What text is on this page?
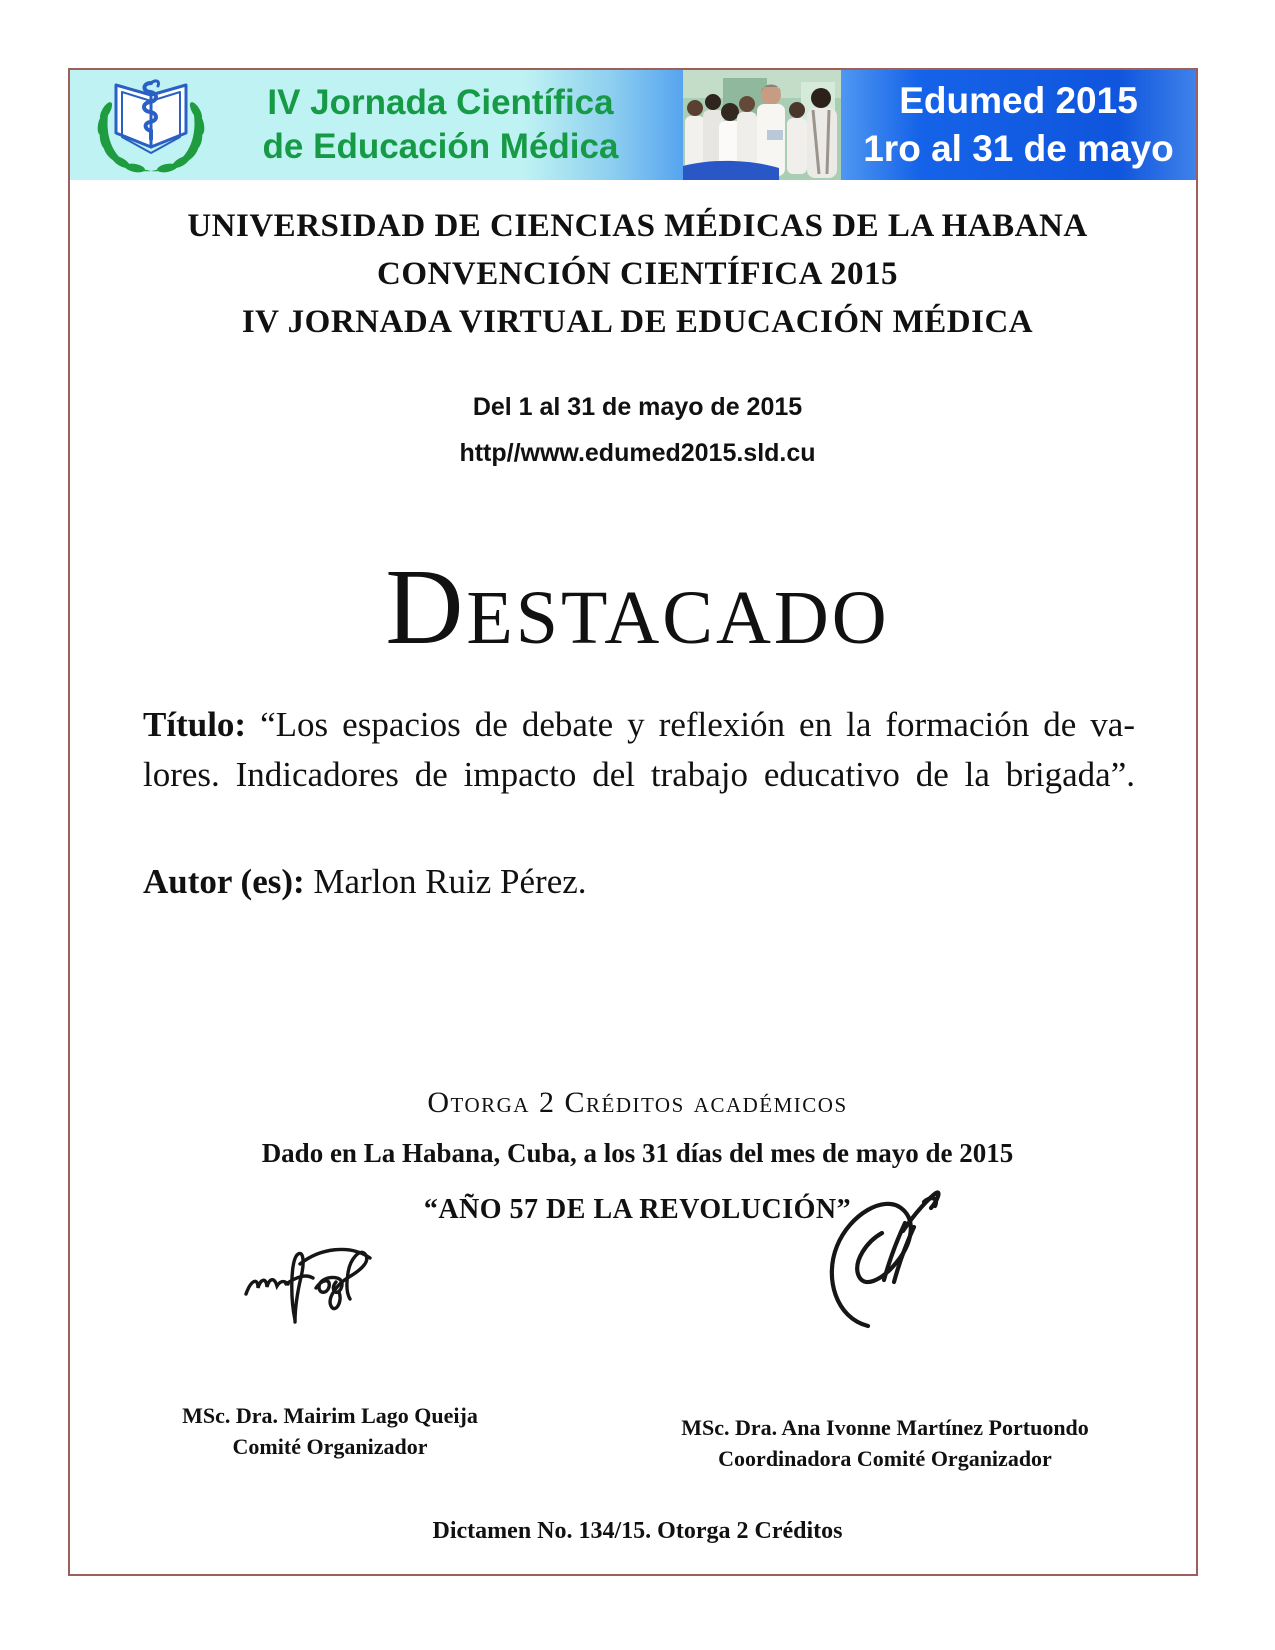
IV Jornada Científica
de Educación Médica
Edumed 2015
1ro al 31 de mayo
UNIVERSIDAD DE CIENCIAS MÉDICAS DE LA HABANA
CONVENCIÓN CIENTÍFICA 2015
IV JORNADA VIRTUAL DE EDUCACIÓN MÉDICA
Del 1 al 31 de mayo de 2015
http//www.edumed2015.sld.cu
Destacado
Título: “Los espacios de debate y reflexión en la formación de va-
lores. Indicadores de impacto del trabajo educativo de la brigada”.
Autor (es): Marlon Ruiz Pérez.
Otorga 2 Créditos académicos
Dado en La Habana, Cuba, a los 31 días del mes de mayo de 2015
“AÑO 57 DE LA REVOLUCIÓN”
MSc. Dra. Mairim Lago Queija
Comité Organizador
MSc. Dra. Ana Ivonne Martínez Portuondo
Coordinadora Comité Organizador
Dictamen No. 134/15. Otorga 2 Créditos
